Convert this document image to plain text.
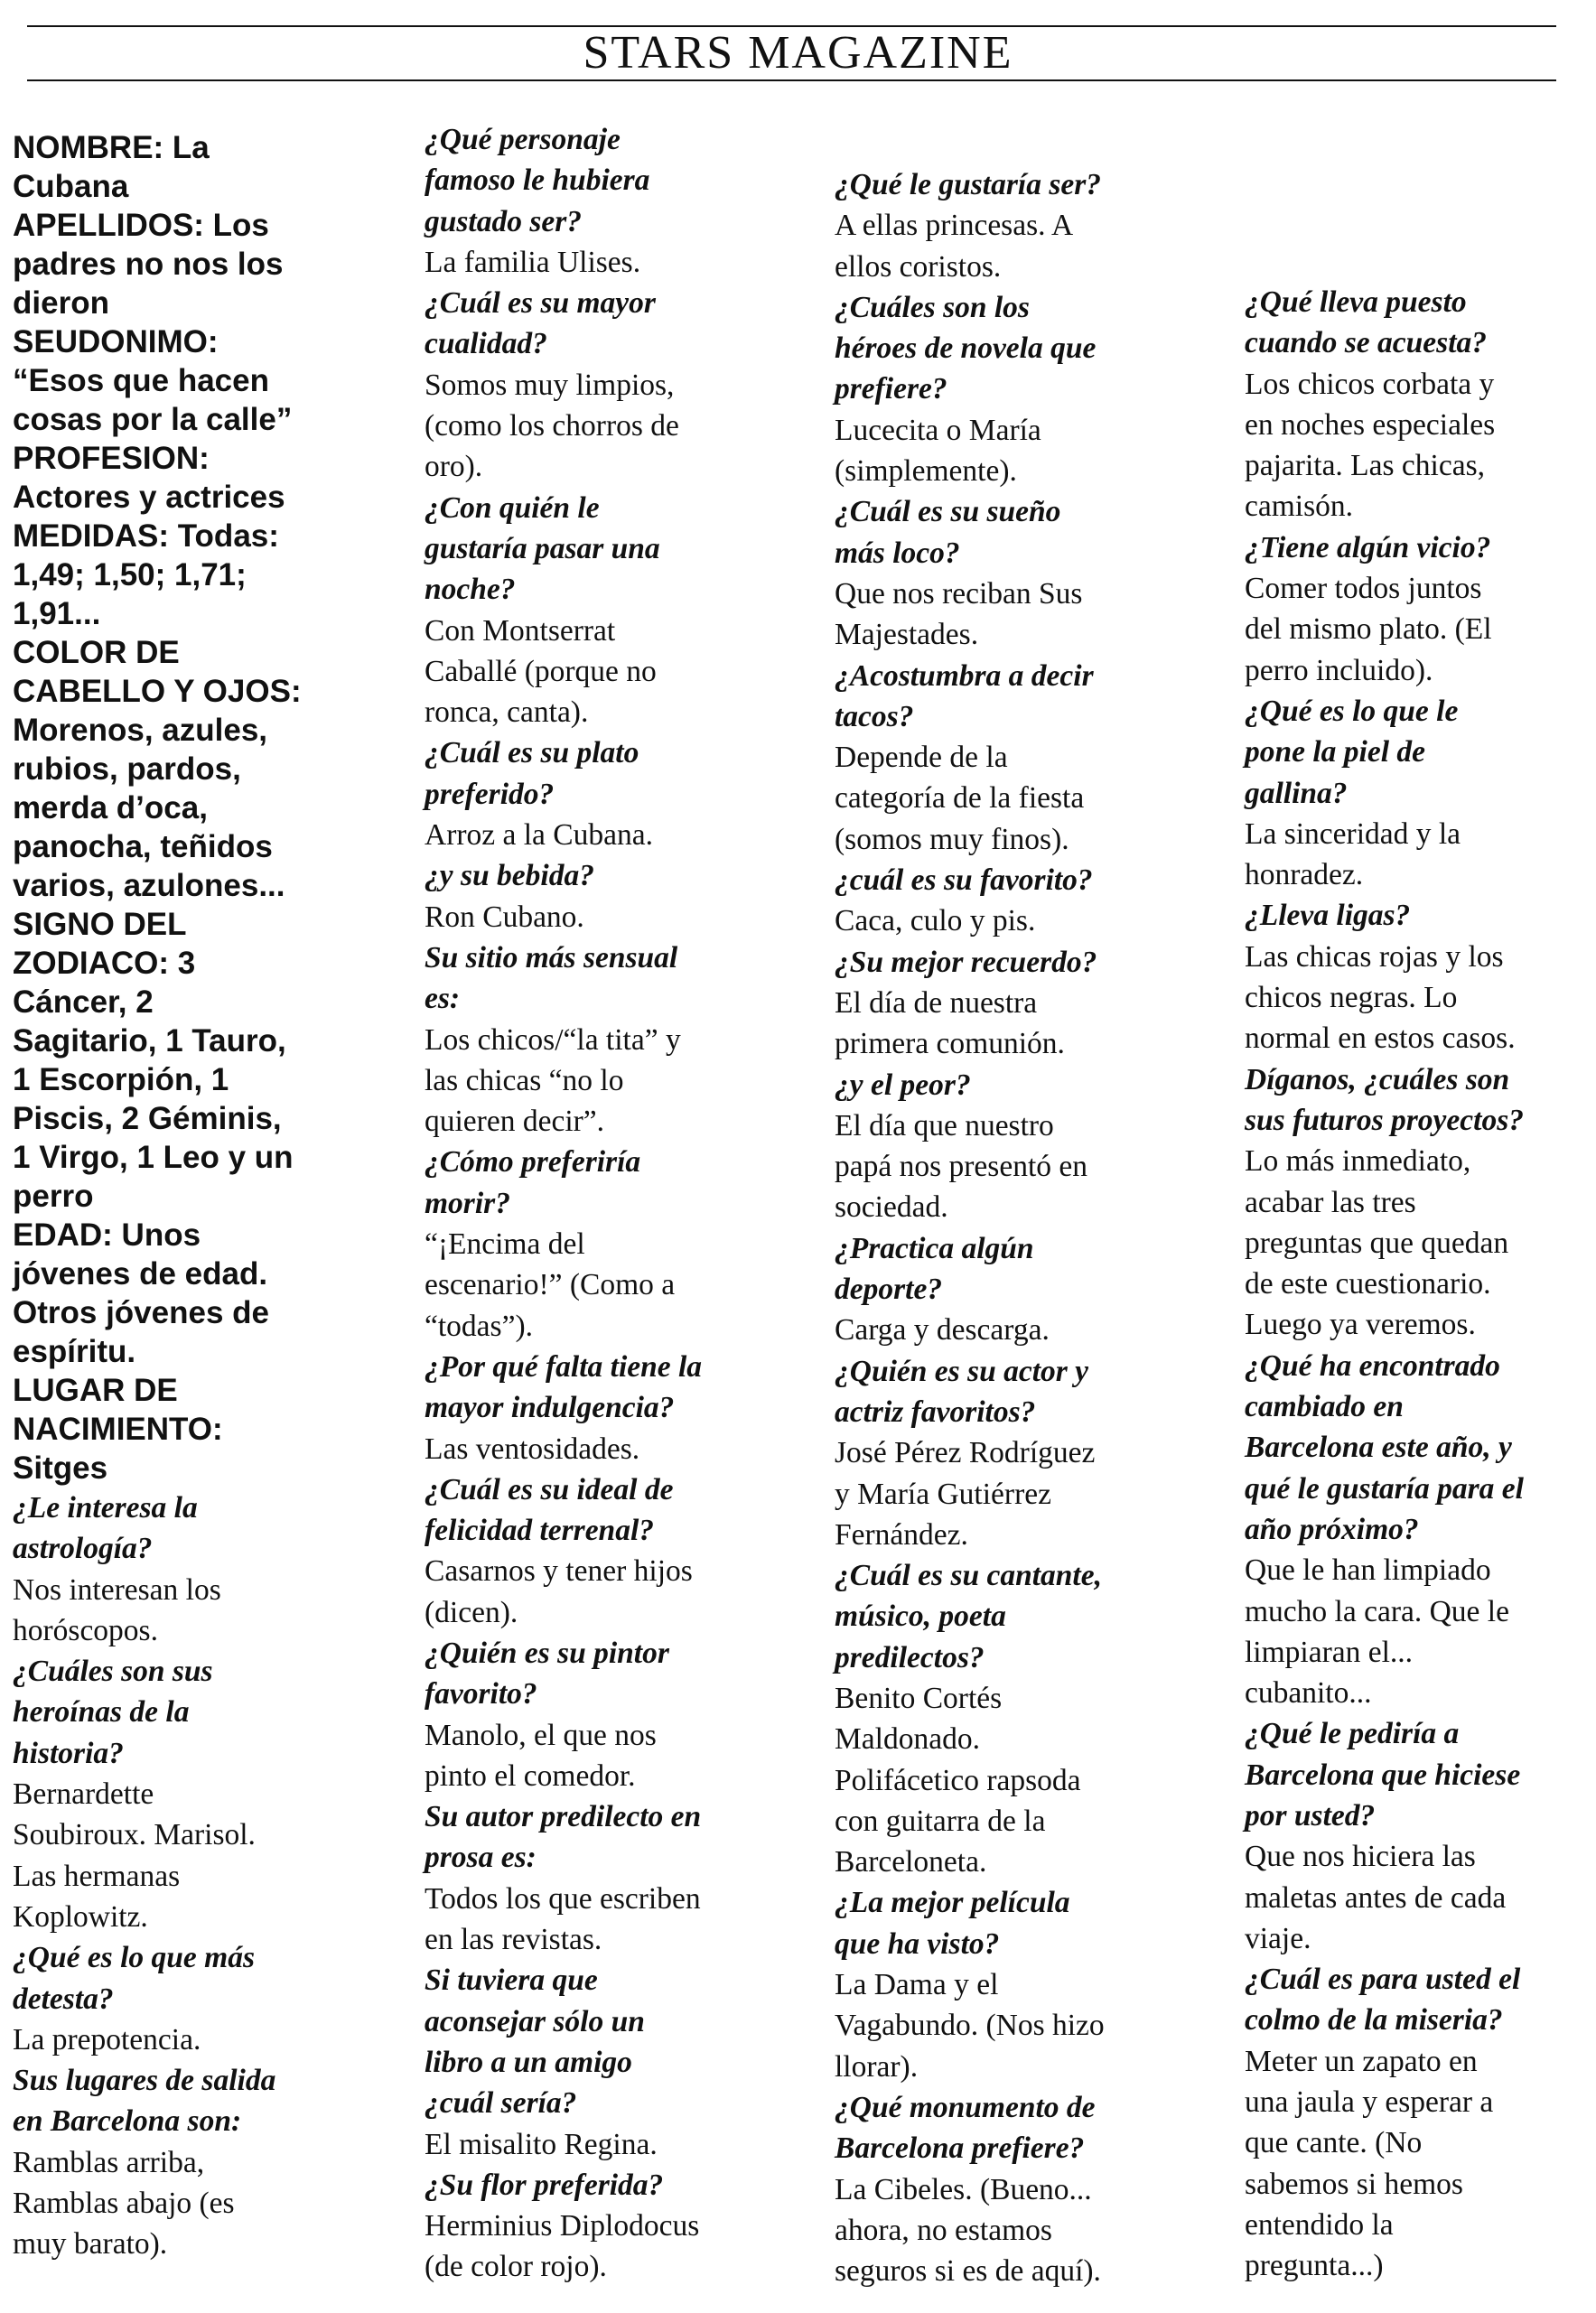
STARS MAGAZINE

NOMBRE: La
Cubana

APELLIDOS: Los
padres no nos los
dieron

SEUDONIMO:
“Esos que hacen
cosas por la calle”

PROFESION:
Actores y actrices

MEDIDAS: Todas:
1,49; 1,50; 1,71;
1,91...

COLOR DE
CABELLO Y OJOS:
Morenos, azules,
rubios, pardos,
merda d’oca,
panocha, teñidos
varios, azulones...

SIGNO DEL
ZODIACO: 3
Cáncer, 2
Sagitario, 1 Tauro,
1 Escorpión, 1
Piscis, 2 Géminis,
1 Virgo, 1 Leo y un
perro

EDAD: Unos
jóvenes de edad.
Otros jóvenes de
espíritu.

LUGAR DE
NACIMIENTO:
Sitges

¿Le interesa la
astrología?
Nos interesan los
horóscopos.
¿Cuáles son sus
heroínas de la
historia?
Bernardette
Soubiroux. Marisol.
Las hermanas
Koplowitz.
¿Qué es lo que más
detesta?
La prepotencia.
Sus lugares de salida
en Barcelona son:
Ramblas arriba,
Ramblas abajo (es
muy barato).
¿Qué personaje
famoso le hubiera
gustado ser?
La familia Ulises.
¿Cuál es su mayor
cualidad?
Somos muy limpios,
(como los chorros de
oro).
¿Con quién le
gustaría pasar una
noche?
Con Montserrat
Caballé (porque no
ronca, canta).
¿Cuál es su plato
preferido?
Arroz a la Cubana.
¿y su bebida?
Ron Cubano.
Su sitio más sensual
es:
Los chicos/“la tita” y
las chicas “no lo
quieren decir”.
¿Cómo preferiría
morir?
“¡Encima del
escenario!” (Como a
“todas”).
¿Por qué falta tiene la
mayor indulgencia?
Las ventosidades.
¿Cuál es su ideal de
felicidad terrenal?
Casarnos y tener hijos
(dicen).
¿Quién es su pintor
favorito?
Manolo, el que nos
pinto el comedor.
Su autor predilecto en
prosa es:
Todos los que escriben
en las revistas.
Si tuviera que
aconsejar sólo un
libro a un amigo
¿cuál sería?
El misalito Regina.
¿Su flor preferida?
Herminius Diplodocus
(de color rojo).
¿Qué le gustaría ser?
A ellas princesas. A
ellos coristos.
¿Cuáles son los
héroes de novela que
prefiere?
Lucecita o María
(simplemente).
¿Cuál es su sueño
más loco?
Que nos reciban Sus
Majestades.
¿Acostumbra a decir
tacos?
Depende de la
categoría de la fiesta
(somos muy finos).
¿cuál es su favorito?
Caca, culo y pis.
¿Su mejor recuerdo?
El día de nuestra
primera comunión.
¿y el peor?
El día que nuestro
papá nos presentó en
sociedad.
¿Practica algún
deporte?
Carga y descarga.
¿Quién es su actor y
actriz favoritos?
José Pérez Rodríguez
y María Gutiérrez
Fernández.
¿Cuál es su cantante,
músico, poeta
predilectos?
Benito Cortés
Maldonado.
Polifácetico rapsoda
con guitarra de la
Barceloneta.
¿La mejor película
que ha visto?
La Dama y el
Vagabundo. (Nos hizo
llorar).
¿Qué monumento de
Barcelona prefiere?
La Cibeles. (Bueno...
ahora, no estamos
seguros si es de aquí).
¿Qué lleva puesto
cuando se acuesta?
Los chicos corbata y
en noches especiales
pajarita. Las chicas,
camisón.
¿Tiene algún vicio?
Comer todos juntos
del mismo plato. (El
perro incluido).
¿Qué es lo que le
pone la piel de
gallina?
La sinceridad y la
honradez.
¿Lleva ligas?
Las chicas rojas y los
chicos negras. Lo
normal en estos casos.
Díganos, ¿cuáles son
sus futuros proyectos?
Lo más inmediato,
acabar las tres
preguntas que quedan
de este cuestionario.
Luego ya veremos.
¿Qué ha encontrado
cambiado en
Barcelona este año, y
qué le gustaría para el
año próximo?
Que le han limpiado
mucho la cara. Que le
limpiaran el...
cubanito...
¿Qué le pediría a
Barcelona que hiciese
por usted?
Que nos hiciera las
maletas antes de cada
viaje.
¿Cuál es para usted el
colmo de la miseria?
Meter un zapato en
una jaula y esperar a
que cante. (No
sabemos si hemos
entendido la
pregunta...)
